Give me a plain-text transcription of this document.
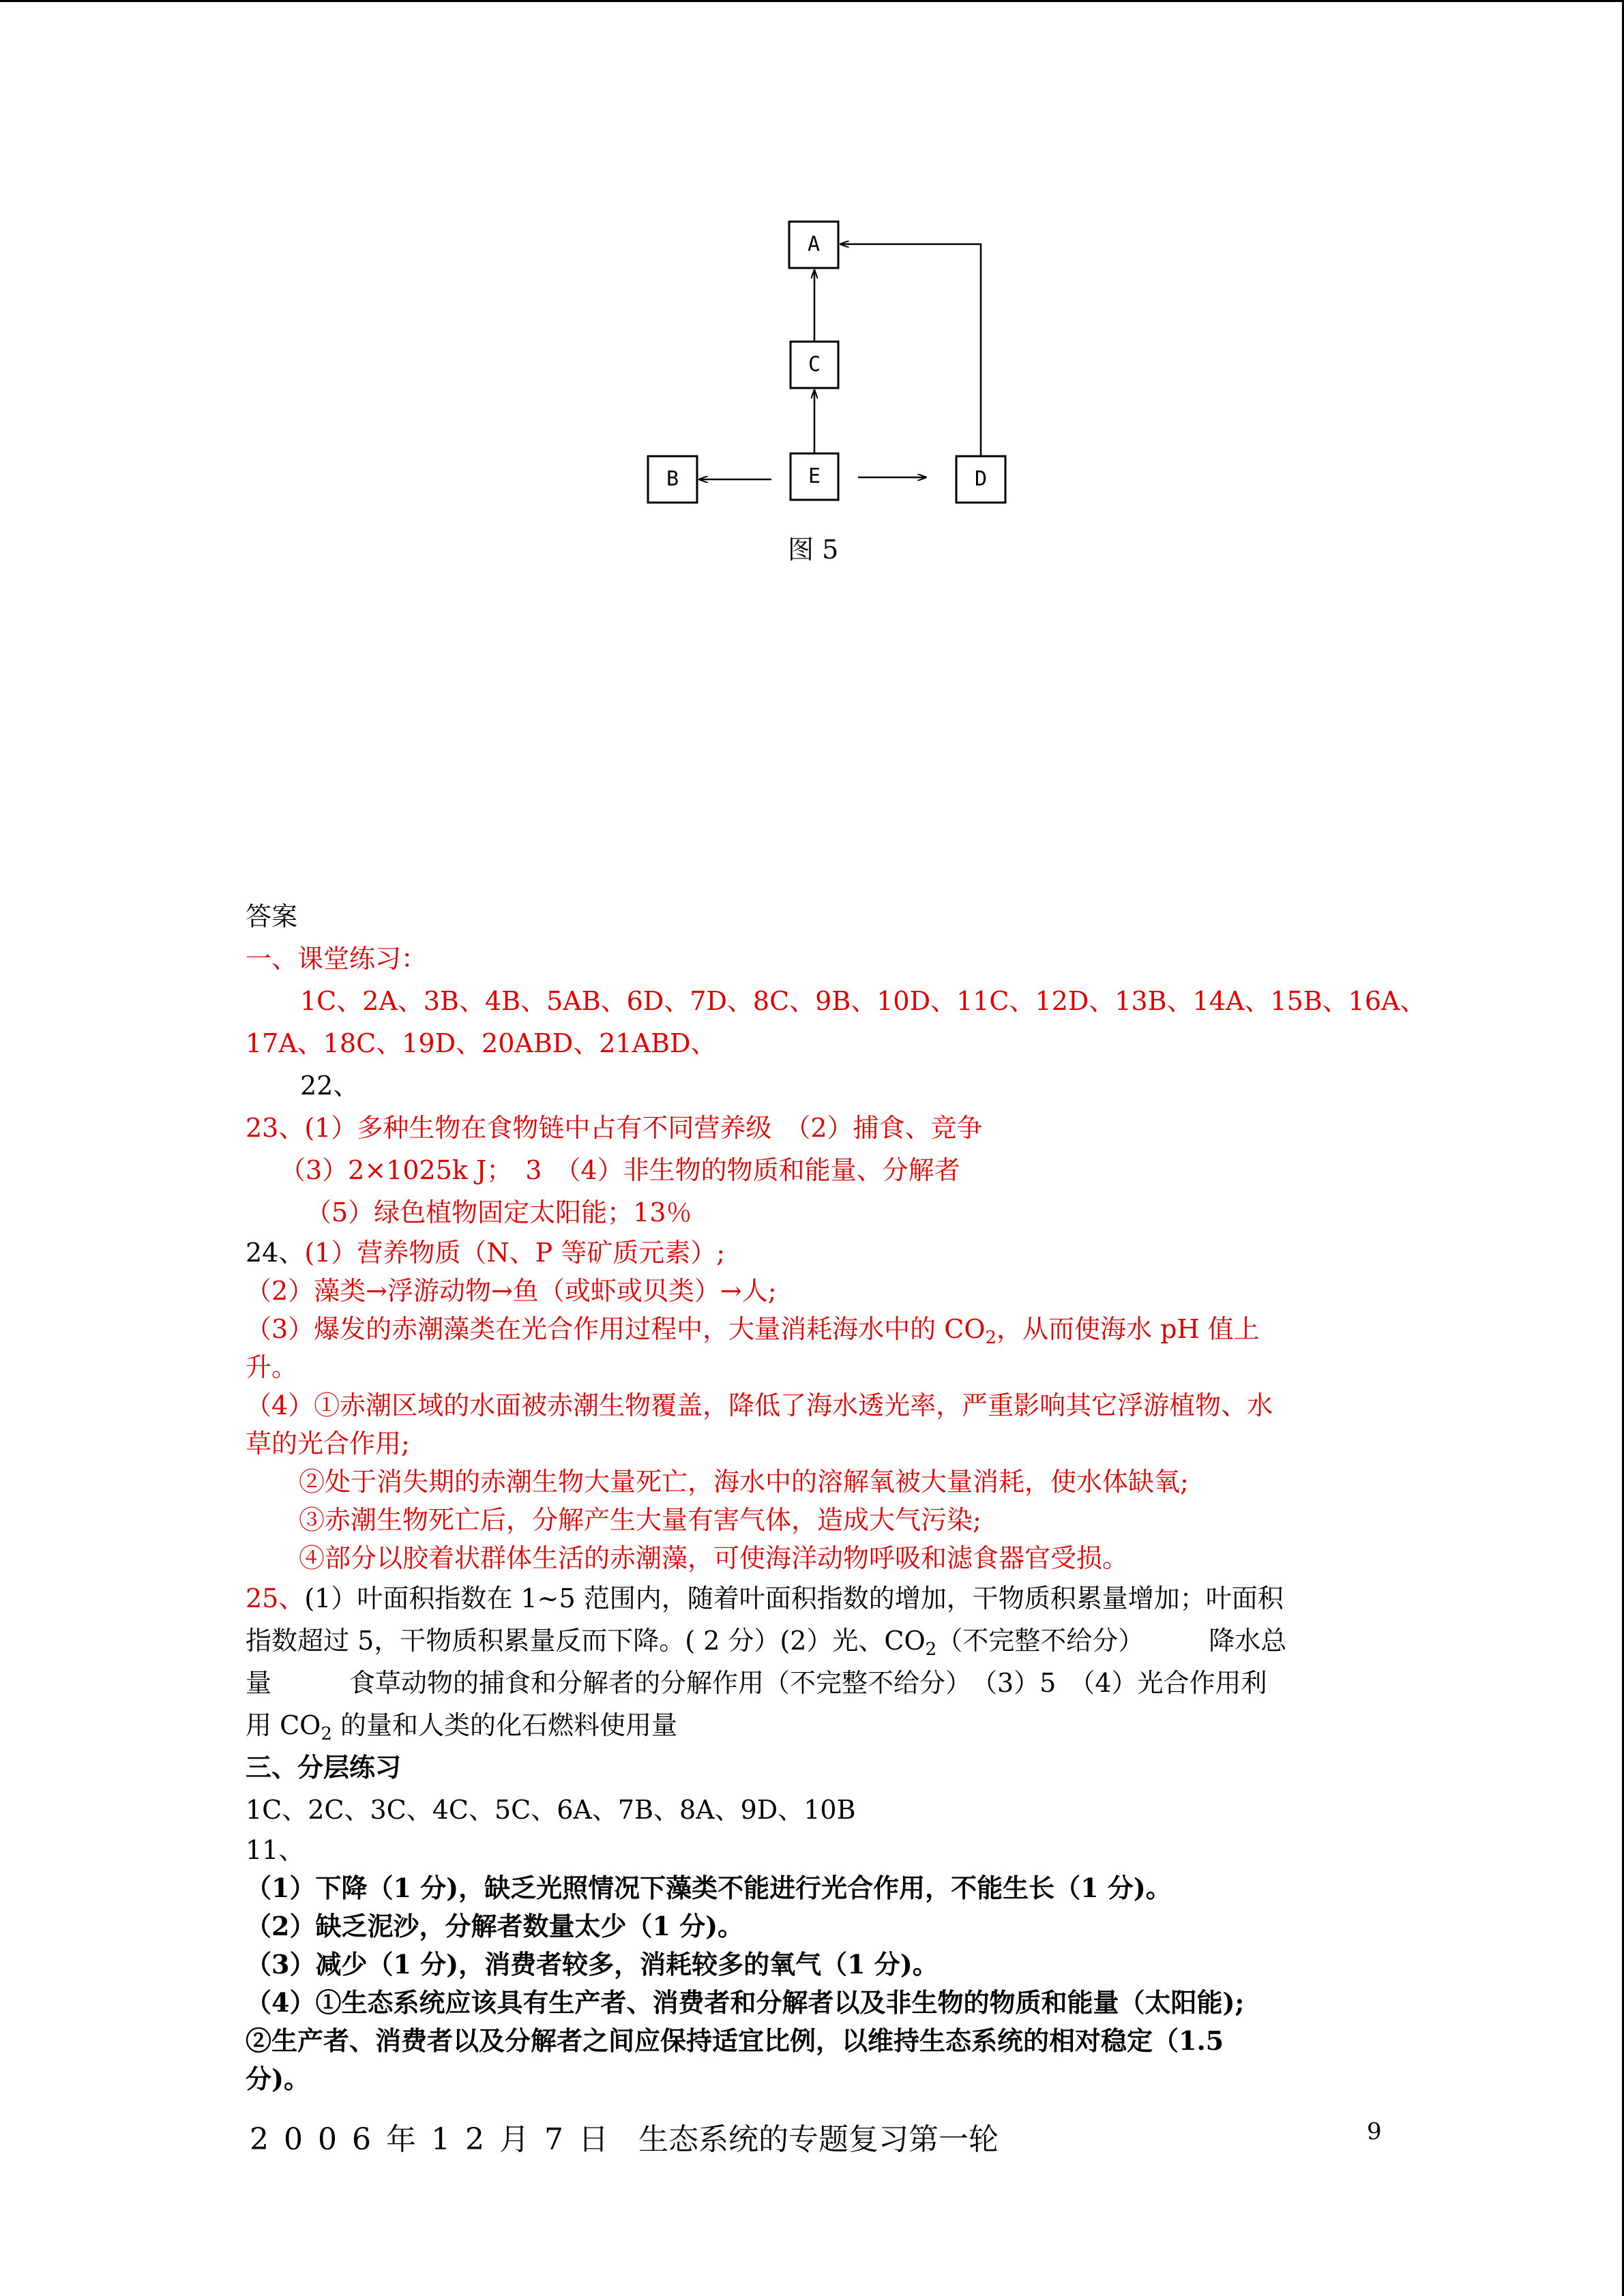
A
C
E
B	D
图 5
答案
一、课堂练习：
1C、2A、3B、4B、5AB、6D、7D、8C、9B、10D、11C、12D、13B、14A、15B、16A、
17A、18C、19D、20ABD、21ABD、
22、
23、(1）多种生物在食物链中占有不同营养级　（2）捕食、竞争
（3）2×1025k J；　3　（4）非生物的物质和能量、分解者
（5）绿色植物固定太阳能；13％
24、(1）营养物质（N、P 等矿质元素）;
（2）藻类→浮游动物→鱼（或虾或贝类）→人;
（3）爆发的赤潮藻类在光合作用过程中，大量消耗海水中的 $CO_2$，从而使海水 pH 值上
升。
（4）①赤潮区域的水面被赤潮生物覆盖，降低了海水透光率，严重影响其它浮游植物、水
草的光合作用;
②处于消失期的赤潮生物大量死亡，海水中的溶解氧被大量消耗，使水体缺氧;
③赤潮生物死亡后，分解产生大量有害气体，造成大气污染;
④部分以胶着状群体生活的赤潮藻，可使海洋动物呼吸和滤食器官受损。
25、(1）叶面积指数在 1~5 范围内，随着叶面积指数的增加，干物质积累量增加；叶面积
指数超过 5，干物质积累量反而下降。( 2 分）(2）光、$CO_2$（不完整不给分）　　　降水总
量　　　食草动物的捕食和分解者的分解作用（不完整不给分）　（3）5　（4）光合作用利
用 $CO_2$ 的量和人类的化石燃料使用量
三、分层练习
1C、2C、3C、4C、5C、6A、7B、8A、9D、10B
11、
（1）下降（1 分)，缺乏光照情况下藻类不能进行光合作用，不能生长（1 分)。
（2）缺乏泥沙，分解者数量太少（1 分)。
（3）减少（1 分)，消费者较多，消耗较多的氧气（1 分)。
（4）①生态系统应该具有生产者、消费者和分解者以及非生物的物质和能量（太阳能);
②生产者、消费者以及分解者之间应保持适宜比例，以维持生态系统的相对稳定（1.5
分)。
2006年12月7日 生态系统的专题复习第一轮	9
